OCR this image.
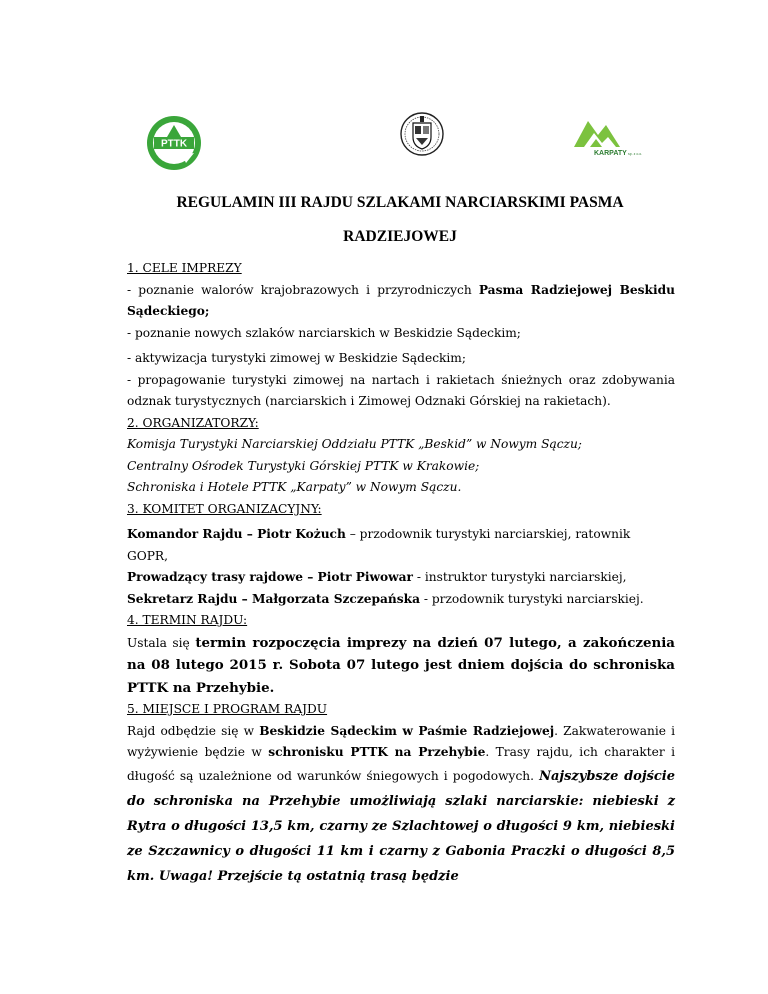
PTTK
KARPATY sp. z o.o.
REGULAMIN III RAJDU SZLAKAMI NARCIARSKIMI PASMA
RADZIEJOWEJ

1. CELE IMPREZY

- poznanie walorów krajobrazowych i przyrodniczych Pasma Radziejowej Beskidu Sądeckiego;

- poznanie nowych szlaków narciarskich w Beskidzie Sądeckim;

- aktywizacja turystyki zimowej w Beskidzie Sądeckim;

- propagowanie turystyki zimowej na nartach i rakietach śnieżnych oraz zdobywania odznak turystycznych (narciarskich i Zimowej Odznaki Górskiej na rakietach).

2. ORGANIZATORZY:

Komisja Turystyki Narciarskiej Oddziału PTTK „Beskid” w Nowym Sączu;

Centralny Ośrodek Turystyki Górskiej PTTK w Krakowie;

Schroniska i Hotele PTTK „Karpaty” w Nowym Sączu.

3. KOMITET ORGANIZACYJNY:

Komandor Rajdu – Piotr Kożuch – przodownik turystyki narciarskiej, ratownik GOPR,

Prowadzący trasy rajdowe – Piotr Piwowar - instruktor turystyki narciarskiej,

Sekretarz Rajdu – Małgorzata Szczepańska - przodownik turystyki narciarskiej.

4. TERMIN RAJDU:

Ustala się termin rozpoczęcia imprezy na dzień 07 lutego, a zakończenia na 08 lutego 2015 r. Sobota 07 lutego jest dniem dojścia do schroniska PTTK na Przehybie.

5. MIEJSCE I PROGRAM RAJDU

Rajd odbędzie się w Beskidzie Sądeckim w Paśmie Radziejowej. Zakwaterowanie i wyżywienie będzie w schronisku PTTK na Przehybie. Trasy rajdu, ich charakter i długość są uzależnione od warunków śniegowych i pogodowych. Najszybsze dojście do schroniska na Przehybie umożliwiają szlaki narciarskie: niebieski z Rytra o długości 13,5 km, czarny ze Szlachtowej o długości 9 km, niebieski ze Szczawnicy o długości 11 km i czarny z Gabonia Praczki o długości 8,5 km. Uwaga! Przejście tą ostatnią trasą będzie
